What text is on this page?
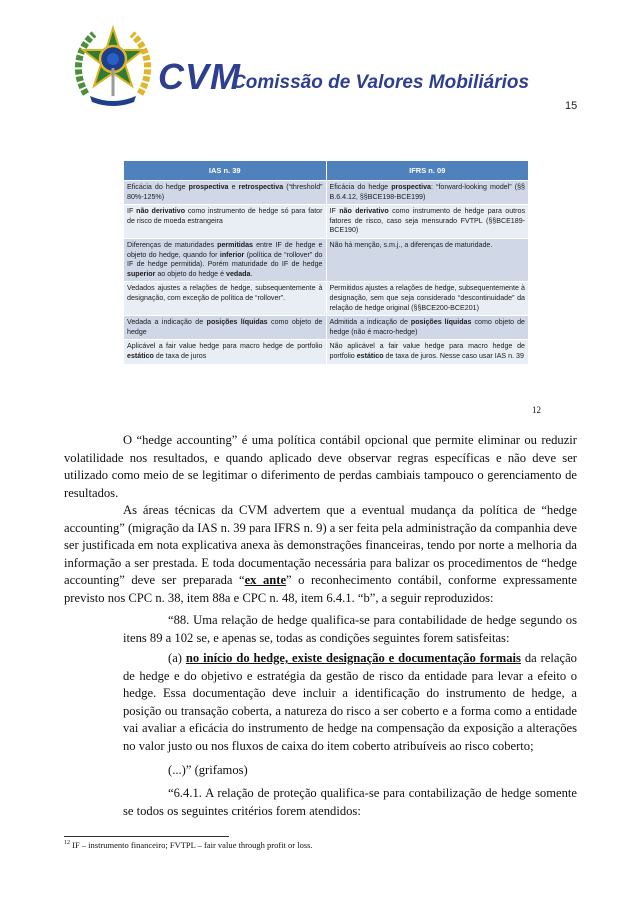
CVM
Comissão de Valores Mobiliários
15
IAS n. 39	IFRS n. 09
Eficácia do hedge prospectiva e retrospectiva (“threshold” 80%-125%)	Eficácia do hedge prospectiva: “forward-looking model” (§§ B.6.4.12, §§BCE198-BCE199)
IF não derivativo como instrumento de hedge só para fator de risco de moeda estrangeira	IF não derivativo como instrumento de hedge para outros fatores de risco, caso seja mensurado FVTPL (§§BCE189-BCE190)
Diferenças de maturidades permitidas entre IF de hedge e objeto do hedge, quando for inferior (política de “rollover” do IF de hedge permitida). Porém maturidade do IF de hedge superior ao objeto do hedge é vedada.	Não há menção, s.m.j., a diferenças de maturidade.
Vedados ajustes a relações de hedge, subsequentemente à designação, com exceção de política de “rollover”.	Permitidos ajustes a relações de hedge, subsequentemente à designação, sem que seja considerado “descontinuidade” da relação de hedge original (§§BCE200-BCE201)
Vedada a indicação de posições líquidas como objeto de hedge	Admitida a indicação de posições líquidas como objeto de hedge (não é macro-hedge)
Aplicável a fair value hedge para macro hedge de portfolio estático de taxa de juros	Não aplicável a fair value hedge para macro hedge de portfolio estático de taxa de juros. Nesse caso usar IAS n. 39
12

O “hedge accounting” é uma política contábil opcional que permite eliminar ou reduzir volatilidade nos resultados, e quando aplicado deve observar regras específicas e não deve ser utilizado como meio de se legitimar o diferimento de perdas cambiais tampouco o gerenciamento de resultados.

As áreas técnicas da CVM advertem que a eventual mudança da política de “hedge accounting” (migração da IAS n. 39 para IFRS n. 9) a ser feita pela administração da companhia deve ser justificada em nota explicativa anexa às demonstrações financeiras, tendo por norte a melhoria da informação a ser prestada. E toda documentação necessária para balizar os procedimentos de “hedge accounting” deve ser preparada “ex ante” o reconhecimento contábil, conforme expressamente previsto nos CPC n. 38, item 88a e CPC n. 48, item 6.4.1. “b”, a seguir reproduzidos:

“88. Uma relação de hedge qualifica-se para contabilidade de hedge segundo os itens 89 a 102 se, e apenas se, todas as condições seguintes forem satisfeitas:

(a) no início do hedge, existe designação e documentação formais da relação de hedge e do objetivo e estratégia da gestão de risco da entidade para levar a efeito o hedge. Essa documentação deve incluir a identificação do instrumento de hedge, a posição ou transação coberta, a natureza do risco a ser coberto e a forma como a entidade vai avaliar a eficácia do instrumento de hedge na compensação da exposição a alterações no valor justo ou nos fluxos de caixa do item coberto atribuíveis ao risco coberto;

(...)” (grifamos)

“6.4.1. A relação de proteção qualifica-se para contabilização de hedge somente se todos os seguintes critérios forem atendidos:

$^{12}$ IF – instrumento financeiro; FVTPL – fair value through profit or loss.
